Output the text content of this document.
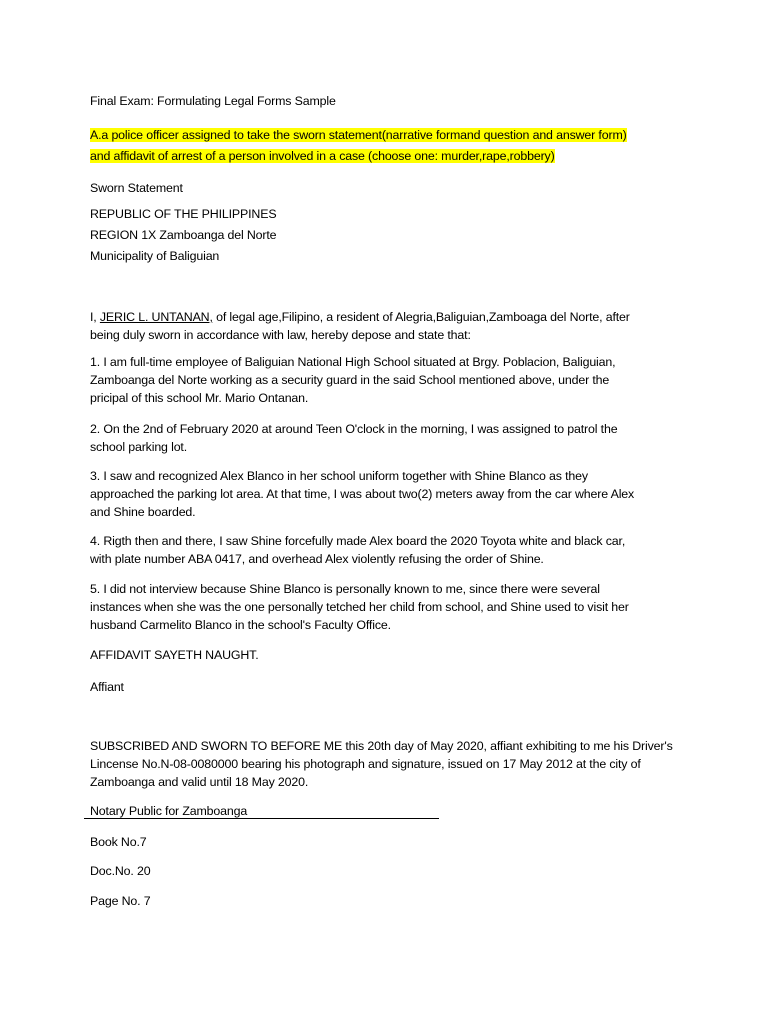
Final Exam: Formulating Legal Forms Sample

A.a police officer assigned to take the sworn statement(narrative formand question and answer form)
and affidavit of arrest of a person involved in a case (choose one: murder,rape,robbery)

Sworn Statement

REPUBLIC OF THE PHILIPPINES
REGION 1X Zamboanga del Norte
Municipality of Baliguian

I, JERIC L. UNTANAN, of legal age,Filipino, a resident of Alegria,Baliguian,Zamboaga del Norte, after
being duly sworn in accordance with law, hereby depose and state that:

1. I am full-time employee of Baliguian National High School situated at Brgy. Poblacion, Baliguian,
Zamboanga del Norte working as a security guard in the said School mentioned above, under the
pricipal of this school Mr. Mario Ontanan.

2. On the 2nd of February 2020 at around Teen O'clock in the morning, I was assigned to patrol the
school parking lot.

3. I saw and recognized Alex Blanco in her school uniform together with Shine Blanco as they
approached the parking lot area. At that time, I was about two(2) meters away from the car where Alex
and Shine boarded.

4. Rigth then and there, I saw Shine forcefully made Alex board the 2020 Toyota white and black car,
with plate number ABA 0417, and overhead Alex violently refusing the order of Shine.

5. I did not interview because Shine Blanco is personally known to me, since there were several
instances when she was the one personally tetched her child from school, and Shine used to visit her
husband Carmelito Blanco in the school's Faculty Office.

AFFIDAVIT SAYETH NAUGHT.

Affiant

SUBSCRIBED AND SWORN TO BEFORE ME this 20th day of May 2020, affiant exhibiting to me his Driver's
Lincense No.N-08-0080000 bearing his photograph and signature, issued on 17 May 2012 at the city of
Zamboanga and valid until 18 May 2020.

Notary Public for Zamboanga

Book No.7

Doc.No. 20

Page No. 7
